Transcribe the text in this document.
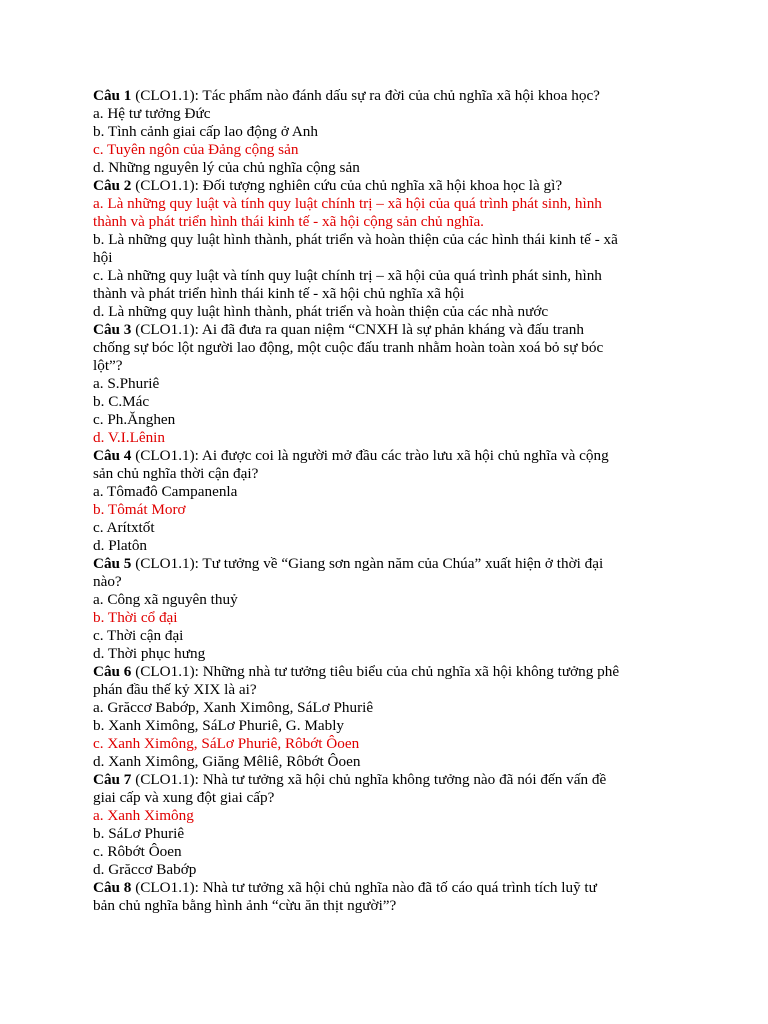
Câu 1 (CLO1.1): Tác phẩm nào đánh dấu sự ra đời của chủ nghĩa xã hội khoa học?
a. Hệ tư tưởng Đức
b. Tình cảnh giai cấp lao động ở Anh
c. Tuyên ngôn của Đảng cộng sản
d. Những nguyên lý của chủ nghĩa cộng sản
Câu 2 (CLO1.1): Đối tượng nghiên cứu của chủ nghĩa xã hội khoa học là gì?
a. Là những quy luật và tính quy luật chính trị – xã hội của quá trình phát sinh, hình
thành và phát triển hình thái kinh tế - xã hội cộng sản chủ nghĩa.
b. Là những quy luật hình thành, phát triển và hoàn thiện của các hình thái kinh tế - xã
hội
c. Là những quy luật và tính quy luật chính trị – xã hội của quá trình phát sinh, hình
thành và phát triển hình thái kinh tế - xã hội chủ nghĩa xã hội
d. Là những quy luật hình thành, phát triển và hoàn thiện của các nhà nước
Câu 3 (CLO1.1): Ai đã đưa ra quan niệm “CNXH là sự phản kháng và đấu tranh
chống sự bóc lột người lao động, một cuộc đấu tranh nhằm hoàn toàn xoá bỏ sự bóc
lột”?
a. S.Phuriê
b. C.Mác
c. Ph.Ănghen
d. V.I.Lênin
Câu 4 (CLO1.1): Ai được coi là người mở đầu các trào lưu xã hội chủ nghĩa và cộng
sản chủ nghĩa thời cận đại?
a. Tômađô Campanenla
b. Tômát Morơ
c. Arítxtốt
d. Platôn
Câu 5 (CLO1.1): Tư tưởng về “Giang sơn ngàn năm của Chúa” xuất hiện ở thời đại
nào?
a. Công xã nguyên thuỷ
b. Thời cổ đại
c. Thời cận đại
d. Thời phục hưng
Câu 6 (CLO1.1): Những nhà tư tưởng tiêu biểu của chủ nghĩa xã hội không tưởng phê
phán đầu thế kỷ XIX là ai?
a. Grăccơ Babớp, Xanh Ximông, SáLơ Phuriê
b. Xanh Ximông, SáLơ Phuriê, G. Mably
c. Xanh Ximông, SáLơ Phuriê, Rôbớt Ôoen
d. Xanh Ximông, Giăng Mêliê, Rôbớt Ôoen
Câu 7 (CLO1.1): Nhà tư tưởng xã hội chủ nghĩa không tưởng nào đã nói đến vấn đề
giai cấp và xung đột giai cấp?
a. Xanh Ximông
b. SáLơ Phuriê
c. Rôbớt Ôoen
d. Grăccơ Babớp
Câu 8 (CLO1.1): Nhà tư tưởng xã hội chủ nghĩa nào đã tố cáo quá trình tích luỹ tư
bản chủ nghĩa bằng hình ảnh “cừu ăn thịt người”?
